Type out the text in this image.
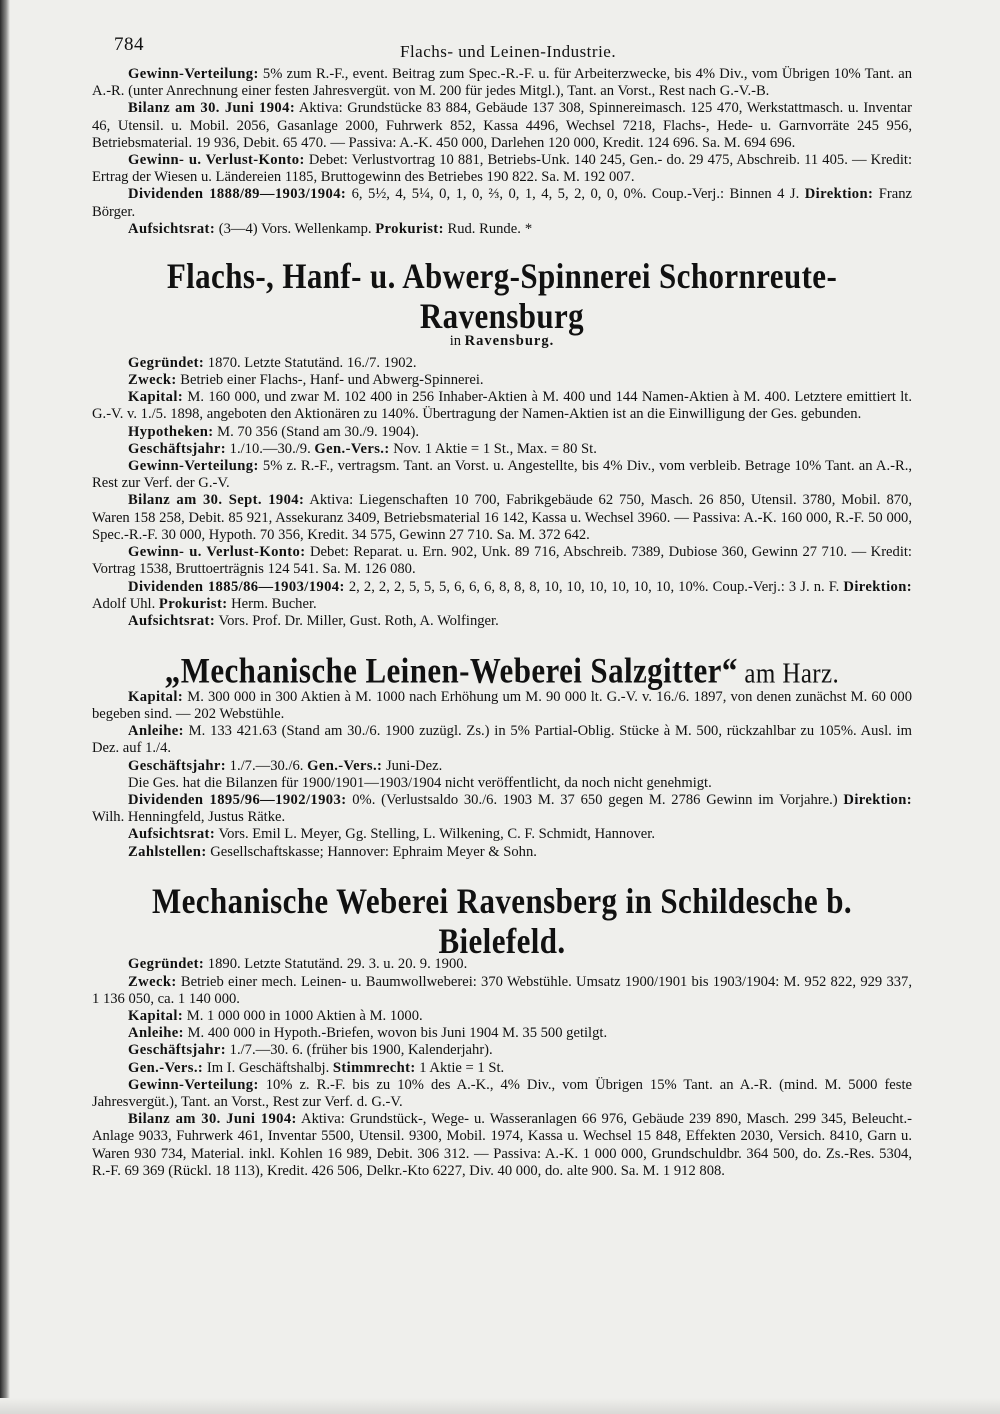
784	Flachs- und Leinen-Industrie.

Gewinn-Verteilung: 5% zum R.-F., event. Beitrag zum Spec.-R.-F. u. für Arbeiterzwecke, bis 4% Div., vom Übrigen 10% Tant. an A.-R. (unter Anrechnung einer festen Jahresvergüt. von M. 200 für jedes Mitgl.), Tant. an Vorst., Rest nach G.-V.-B.

Bilanz am 30. Juni 1904: Aktiva: Grundstücke 83 884, Gebäude 137 308, Spinnereimasch. 125 470, Werkstattmasch. u. Inventar 46, Utensil. u. Mobil. 2056, Gasanlage 2000, Fuhrwerk 852, Kassa 4496, Wechsel 7218, Flachs-, Hede- u. Garnvorräte 245 956, Betriebsmaterial. 19 936, Debit. 65 470. — Passiva: A.-K. 450 000, Darlehen 120 000, Kredit. 124 696. Sa. M. 694 696.

Gewinn- u. Verlust-Konto: Debet: Verlustvortrag 10 881, Betriebs-Unk. 140 245, Gen.- do. 29 475, Abschreib. 11 405. — Kredit: Ertrag der Wiesen u. Ländereien 1185, Bruttogewinn des Betriebes 190 822. Sa. M. 192 007.

Dividenden 1888/89—1903/1904: 6, 5½, 4, 5¼, 0, 1, 0, ⅔, 0, 1, 4, 5, 2, 0, 0, 0%. Coup.-Verj.: Binnen 4 J. Direktion: Franz Börger.

Aufsichtsrat: (3—4) Vors. Wellenkamp. Prokurist: Rud. Runde. *

Flachs-, Hanf- u. Abwerg-Spinnerei Schornreute-Ravensburg
in Ravensburg.

Gegründet: 1870. Letzte Statutänd. 16./7. 1902.

Zweck: Betrieb einer Flachs-, Hanf- und Abwerg-Spinnerei.

Kapital: M. 160 000, und zwar M. 102 400 in 256 Inhaber-Aktien à M. 400 und 144 Namen-Aktien à M. 400. Letztere emittiert lt. G.-V. v. 1./5. 1898, angeboten den Aktionären zu 140%. Übertragung der Namen-Aktien ist an die Einwilligung der Ges. gebunden.

Hypotheken: M. 70 356 (Stand am 30./9. 1904).

Geschäftsjahr: 1./10.—30./9. Gen.-Vers.: Nov. 1 Aktie = 1 St., Max. = 80 St.

Gewinn-Verteilung: 5% z. R.-F., vertragsm. Tant. an Vorst. u. Angestellte, bis 4% Div., vom verbleib. Betrage 10% Tant. an A.-R., Rest zur Verf. der G.-V.

Bilanz am 30. Sept. 1904: Aktiva: Liegenschaften 10 700, Fabrikgebäude 62 750, Masch. 26 850, Utensil. 3780, Mobil. 870, Waren 158 258, Debit. 85 921, Assekuranz 3409, Betriebsmaterial 16 142, Kassa u. Wechsel 3960. — Passiva: A.-K. 160 000, R.-F. 50 000, Spec.-R.-F. 30 000, Hypoth. 70 356, Kredit. 34 575, Gewinn 27 710. Sa. M. 372 642.

Gewinn- u. Verlust-Konto: Debet: Reparat. u. Ern. 902, Unk. 89 716, Abschreib. 7389, Dubiose 360, Gewinn 27 710. — Kredit: Vortrag 1538, Bruttoerträgnis 124 541. Sa. M. 126 080.

Dividenden 1885/86—1903/1904: 2, 2, 2, 2, 5, 5, 5, 6, 6, 6, 8, 8, 8, 10, 10, 10, 10, 10, 10, 10%. Coup.-Verj.: 3 J. n. F. Direktion: Adolf Uhl. Prokurist: Herm. Bucher.

Aufsichtsrat: Vors. Prof. Dr. Miller, Gust. Roth, A. Wolfinger.

„Mechanische Leinen-Weberei Salzgitter“ am Harz.

Kapital: M. 300 000 in 300 Aktien à M. 1000 nach Erhöhung um M. 90 000 lt. G.-V. v. 16./6. 1897, von denen zunächst M. 60 000 begeben sind. — 202 Webstühle.

Anleihe: M. 133 421.63 (Stand am 30./6. 1900 zuzügl. Zs.) in 5% Partial-Oblig. Stücke à M. 500, rückzahlbar zu 105%. Ausl. im Dez. auf 1./4.

Geschäftsjahr: 1./7.—30./6. Gen.-Vers.: Juni-Dez.

Die Ges. hat die Bilanzen für 1900/1901—1903/1904 nicht veröffentlicht, da noch nicht genehmigt.

Dividenden 1895/96—1902/1903: 0%. (Verlustsaldo 30./6. 1903 M. 37 650 gegen M. 2786 Gewinn im Vorjahre.) Direktion: Wilh. Henningfeld, Justus Rätke.

Aufsichtsrat: Vors. Emil L. Meyer, Gg. Stelling, L. Wilkening, C. F. Schmidt, Hannover.

Zahlstellen: Gesellschaftskasse; Hannover: Ephraim Meyer & Sohn.

Mechanische Weberei Ravensberg in Schildesche b. Bielefeld.

Gegründet: 1890. Letzte Statutänd. 29. 3. u. 20. 9. 1900.

Zweck: Betrieb einer mech. Leinen- u. Baumwollweberei: 370 Webstühle. Umsatz 1900/1901 bis 1903/1904: M. 952 822, 929 337, 1 136 050, ca. 1 140 000.

Kapital: M. 1 000 000 in 1000 Aktien à M. 1000.

Anleihe: M. 400 000 in Hypoth.-Briefen, wovon bis Juni 1904 M. 35 500 getilgt.

Geschäftsjahr: 1./7.—30. 6. (früher bis 1900, Kalenderjahr).

Gen.-Vers.: Im I. Geschäftshalbj. Stimmrecht: 1 Aktie = 1 St.

Gewinn-Verteilung: 10% z. R.-F. bis zu 10% des A.-K., 4% Div., vom Übrigen 15% Tant. an A.-R. (mind. M. 5000 feste Jahresvergüt.), Tant. an Vorst., Rest zur Verf. d. G.-V.

Bilanz am 30. Juni 1904: Aktiva: Grundstück-, Wege- u. Wasseranlagen 66 976, Gebäude 239 890, Masch. 299 345, Beleucht.-Anlage 9033, Fuhrwerk 461, Inventar 5500, Utensil. 9300, Mobil. 1974, Kassa u. Wechsel 15 848, Effekten 2030, Versich. 8410, Garn u. Waren 930 734, Material. inkl. Kohlen 16 989, Debit. 306 312. — Passiva: A.-K. 1 000 000, Grundschuldbr. 364 500, do. Zs.-Res. 5304, R.-F. 69 369 (Rückl. 18 113), Kredit. 426 506, Delkr.-Kto 6227, Div. 40 000, do. alte 900. Sa. M. 1 912 808.
